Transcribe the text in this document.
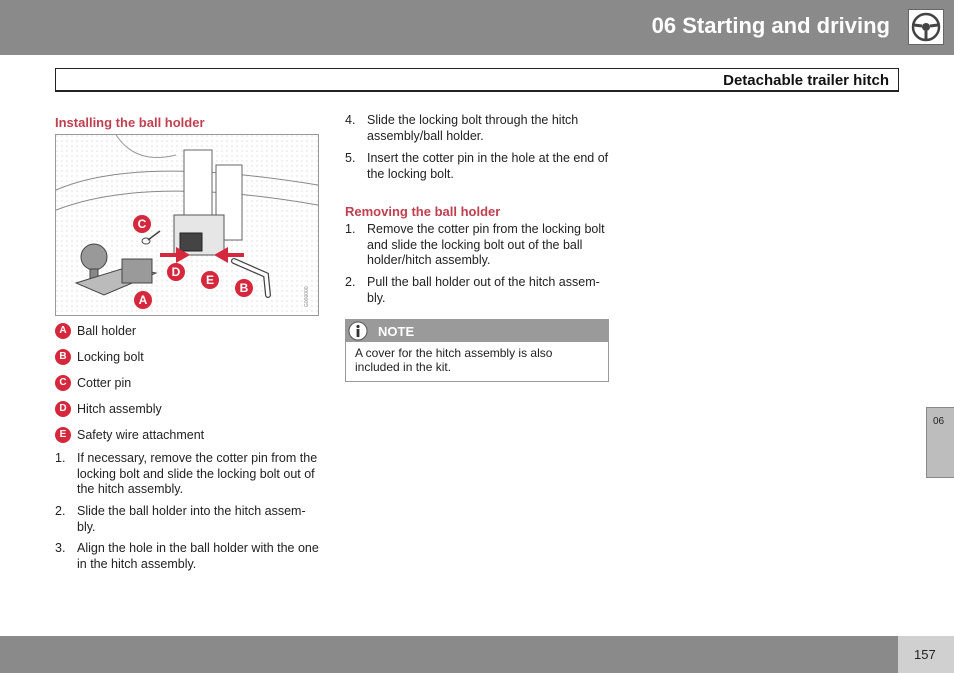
06 Starting and driving
Detachable trailer hitch
Installing the ball holder
C
D
E
B
A	G000000
A Ball holder
B Locking bolt
C Cotter pin
D Hitch assembly
E Safety wire attachment
1. If necessary, remove the cotter pin from the locking bolt and slide the locking bolt out of the hitch assembly.
2. Slide the ball holder into the hitch assem-bly.
3. Align the hole in the ball holder with the one in the hitch assembly.
4. Slide the locking bolt through the hitch assembly/ball holder.
5. Insert the cotter pin in the hole at the end of the locking bolt.
Removing the ball holder
1. Remove the cotter pin from the locking bolt and slide the locking bolt out of the ball holder/hitch assembly.
2. Pull the ball holder out of the hitch assem-bly.
NOTE
A cover for the hitch assembly is also included in the kit.
06
157
